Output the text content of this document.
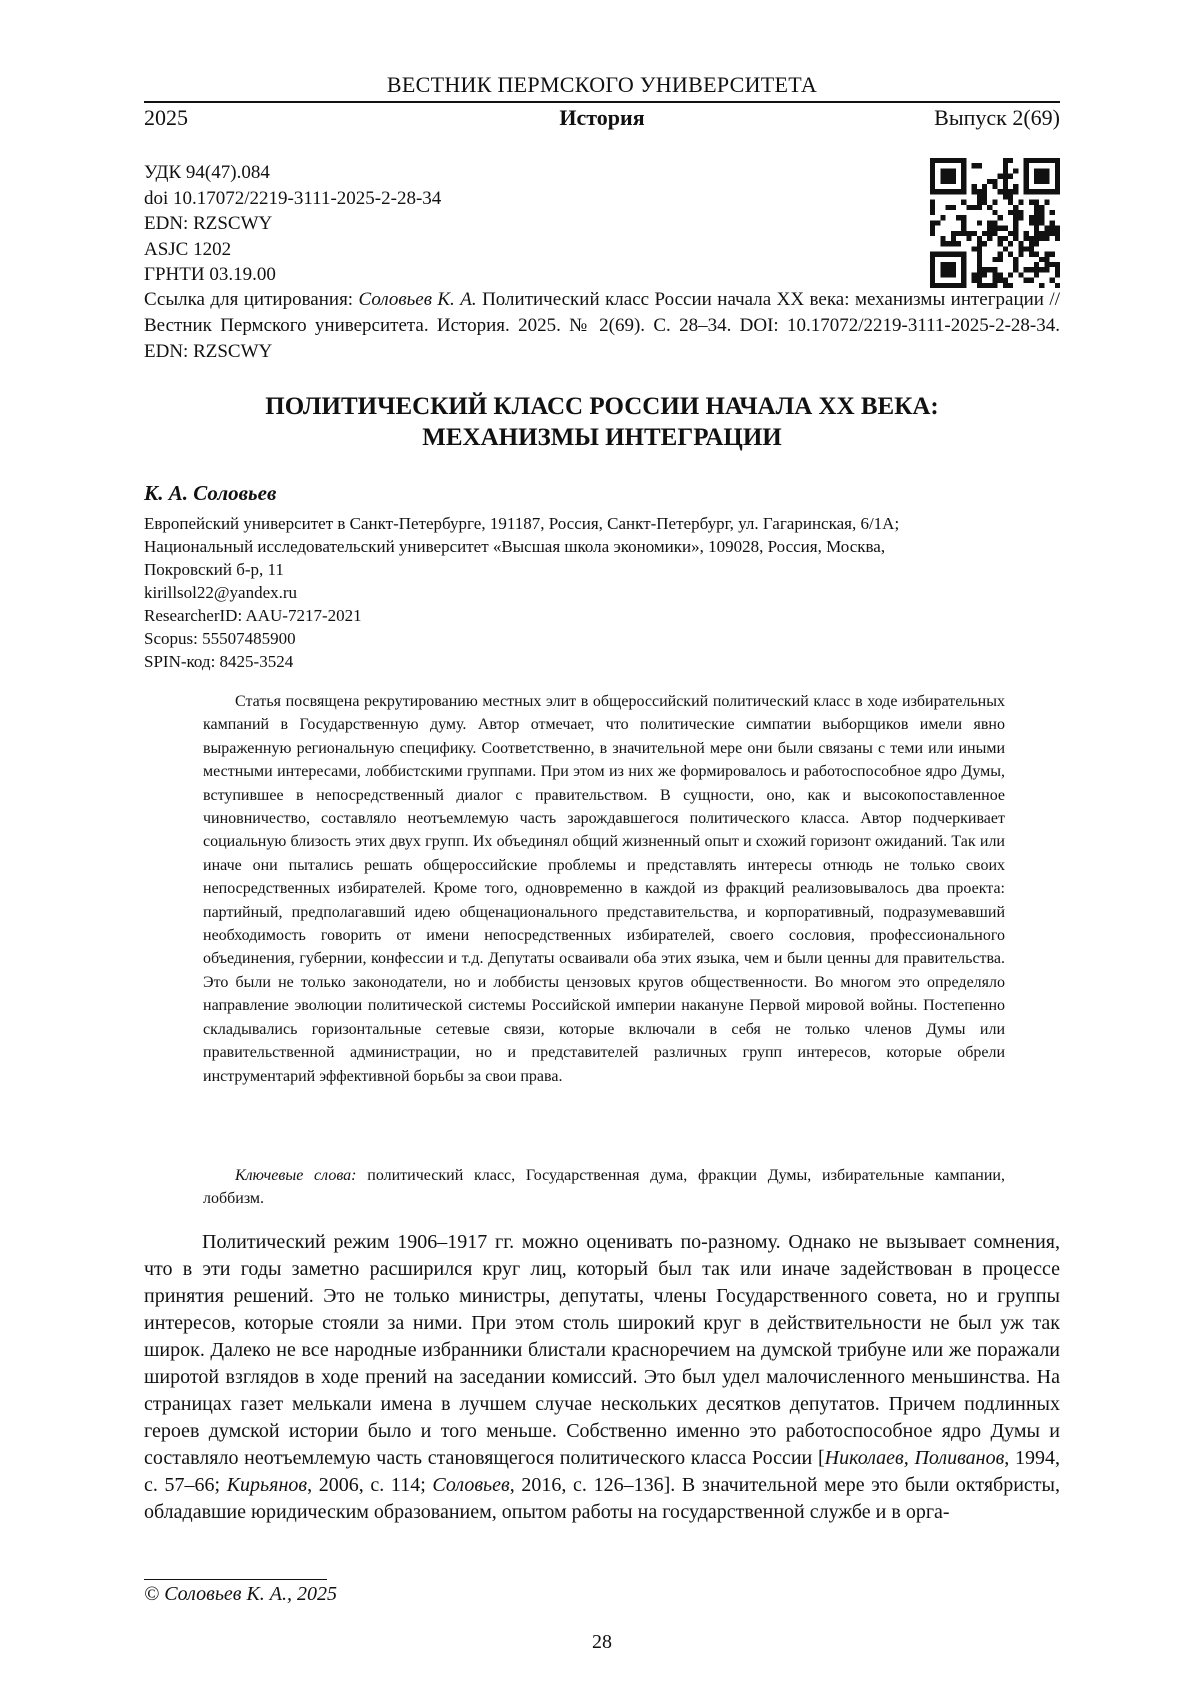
ВЕСТНИК ПЕРМСКОГО УНИВЕРСИТЕТА
2025	История	Выпуск 2(69)
УДК 94(47).084
doi 10.17072/2219-3111-2025-2-28-34
EDN: RZSCWY
ASJC 1202
ГРНТИ 03.19.00
Ссылка для цитирования: Соловьев К. А. Политический класс России начала XX века: механизмы интеграции // Вестник Пермского университета. История. 2025. № 2(69). С. 28–34. DOI: 10.17072/2219-3111-2025-2-28-34. EDN: RZSCWY
ПОЛИТИЧЕСКИЙ КЛАСС РОССИИ НАЧАЛА XX ВЕКА:
МЕХАНИЗМЫ ИНТЕГРАЦИИ
К. А. Соловьев
Европейский университет в Санкт-Петербурге, 191187, Россия, Санкт-Петербург, ул. Гагаринская, 6/1А;
Национальный исследовательский университет «Высшая школа экономики», 109028, Россия, Москва,
Покровский б-р, 11
kirillsol22@yandex.ru
ResearcherID: AAU-7217-2021
Scopus: 55507485900
SPIN-код: 8425-3524

Статья посвящена рекрутированию местных элит в общероссийский политический класс в ходе избирательных кампаний в Государственную думу. Автор отмечает, что политические симпатии выборщиков имели явно выраженную региональную специфику. Соответственно, в значительной мере они были связаны с теми или иными местными интересами, лоббистскими группами. При этом из них же формировалось и работоспособное ядро Думы, вступившее в непосредственный диалог с правительством. В сущности, оно, как и высокопоставленное чиновничество, составляло неотъемлемую часть зарождавшегося политического класса. Автор подчеркивает социальную близость этих двух групп. Их объединял общий жизненный опыт и схожий горизонт ожиданий. Так или иначе они пытались решать общероссийские проблемы и представлять интересы отнюдь не только своих непосредственных избирателей. Кроме того, одновременно в каждой из фракций реализовывалось два проекта: партийный, предполагавший идею общенационального представительства, и корпоративный, подразумевавший необходимость говорить от имени непосредственных избирателей, своего сословия, профессионального объединения, губернии, конфессии и т.д. Депутаты осваивали оба этих языка, чем и были ценны для правительства. Это были не только законодатели, но и лоббисты цензовых кругов общественности. Во многом это определяло направление эволюции политической системы Российской империи накануне Первой мировой войны. Постепенно складывались горизонтальные сетевые связи, которые включали в себя не только членов Думы или правительственной администрации, но и представителей различных групп интересов, которые обрели инструментарий эффективной борьбы за свои права.

Ключевые слова: политический класс, Государственная дума, фракции Думы, избирательные кампании, лоббизм.

Политический режим 1906–1917 гг. можно оценивать по-разному. Однако не вызывает сомнения, что в эти годы заметно расширился круг лиц, который был так или иначе задействован в процессе принятия решений. Это не только министры, депутаты, члены Государственного совета, но и группы интересов, которые стояли за ними. При этом столь широкий круг в действительности не был уж так широк. Далеко не все народные избранники блистали красноречием на думской трибуне или же поражали широтой взглядов в ходе прений на заседании комиссий. Это был удел малочисленного меньшинства. На страницах газет мелькали имена в лучшем случае нескольких десятков депутатов. Причем подлинных героев думской истории было и того меньше. Собственно именно это работоспособное ядро Думы и составляло неотъемлемую часть становящегося политического класса России [Николаев, Поливанов, 1994, с. 57–66; Кирьянов, 2006, с. 114; Соловьев, 2016, с. 126–136]. В значительной мере это были октябристы, обладавшие юридическим образованием, опытом работы на государственной службе и в орга-

© Соловьев К. А., 2025
28
